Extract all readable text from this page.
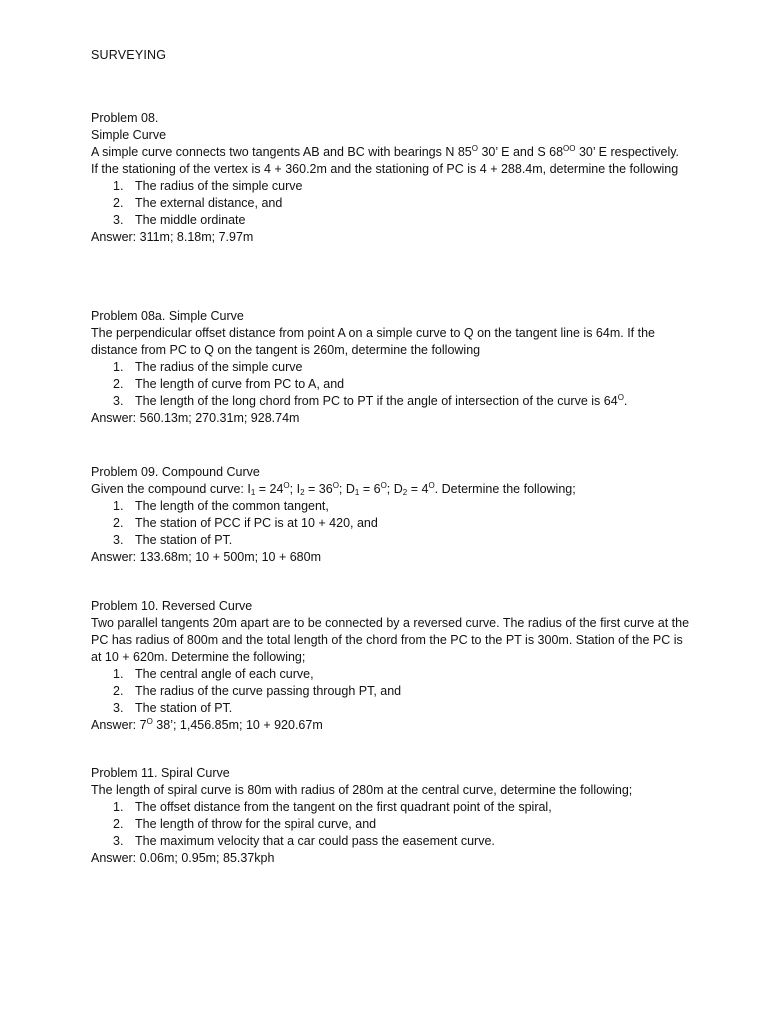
SURVEYING

Problem 08.

Simple Curve

A simple curve connects two tangents AB and BC with bearings N $85^O$ 30’ E and S $68^{OO}$ 30’ E respectively.
If the stationing of the vertex is 4 + 360.2m and the stationing of PC is 4 + 288.4m, determine the following

1. The radius of the simple curve
2. The external distance, and
3. The middle ordinate

Answer: 311m; 8.18m; 7.97m

Problem 08a. Simple Curve

The perpendicular offset distance from point A on a simple curve to Q on the tangent line is 64m. If the distance from PC to Q on the tangent is 260m, determine the following

1. The radius of the simple curve
2. The length of curve from PC to A, and
3. The length of the long chord from PC to PT if the angle of intersection of the curve is $64^O$.

Answer: 560.13m; 270.31m; 928.74m

Problem 09. Compound Curve

Given the compound curve: $I_1 = 24^O$; $I_2 = 36^O$; $D_1 = 6^O$; $D_2 = 4^O$. Determine the following;

1. The length of the common tangent,
2. The station of PCC if PC is at 10 + 420, and
3. The station of PT.

Answer: 133.68m; 10 + 500m; 10 + 680m

Problem 10. Reversed Curve

Two parallel tangents 20m apart are to be connected by a reversed curve. The radius of the first curve at the PC has radius of 800m and the total length of the chord from the PC to the PT is 300m. Station of the PC is at 10 + 620m. Determine the following;

1. The central angle of each curve,
2. The radius of the curve passing through PT, and
3. The station of PT.

Answer: $7^O$ 38’; 1,456.85m; 10 + 920.67m

Problem 11. Spiral Curve

The length of spiral curve is 80m with radius of 280m at the central curve, determine the following;

1. The offset distance from the tangent on the first quadrant point of the spiral,
2. The length of throw for the spiral curve, and
3. The maximum velocity that a car could pass the easement curve.

Answer: 0.06m; 0.95m; 85.37kph
